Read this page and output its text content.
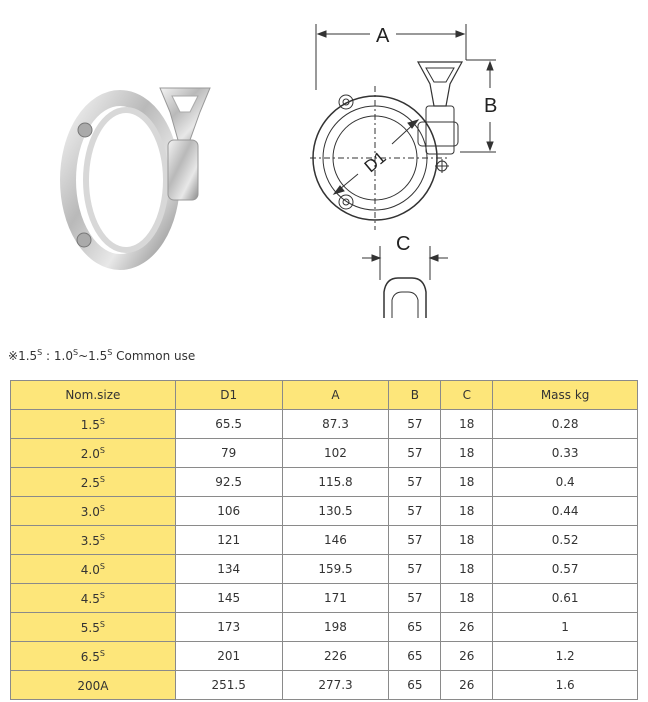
A
B
C
D1
$※1.5^S$ : $1.0^S\sim 1.5^S$ Common use
Nom.size	D1	A	B	C	Mass kg
$1.5^S$	65.5	87.3	57	18	0.28
$2.0^S$	79	102	57	18	0.33
$2.5^S$	92.5	115.8	57	18	0.4
$3.0^S$	106	130.5	57	18	0.44
$3.5^S$	121	146	57	18	0.52
$4.0^S$	134	159.5	57	18	0.57
$4.5^S$	145	171	57	18	0.61
$5.5^S$	173	198	65	26	1
$6.5^S$	201	226	65	26	1.2
200A	251.5	277.3	65	26	1.6
